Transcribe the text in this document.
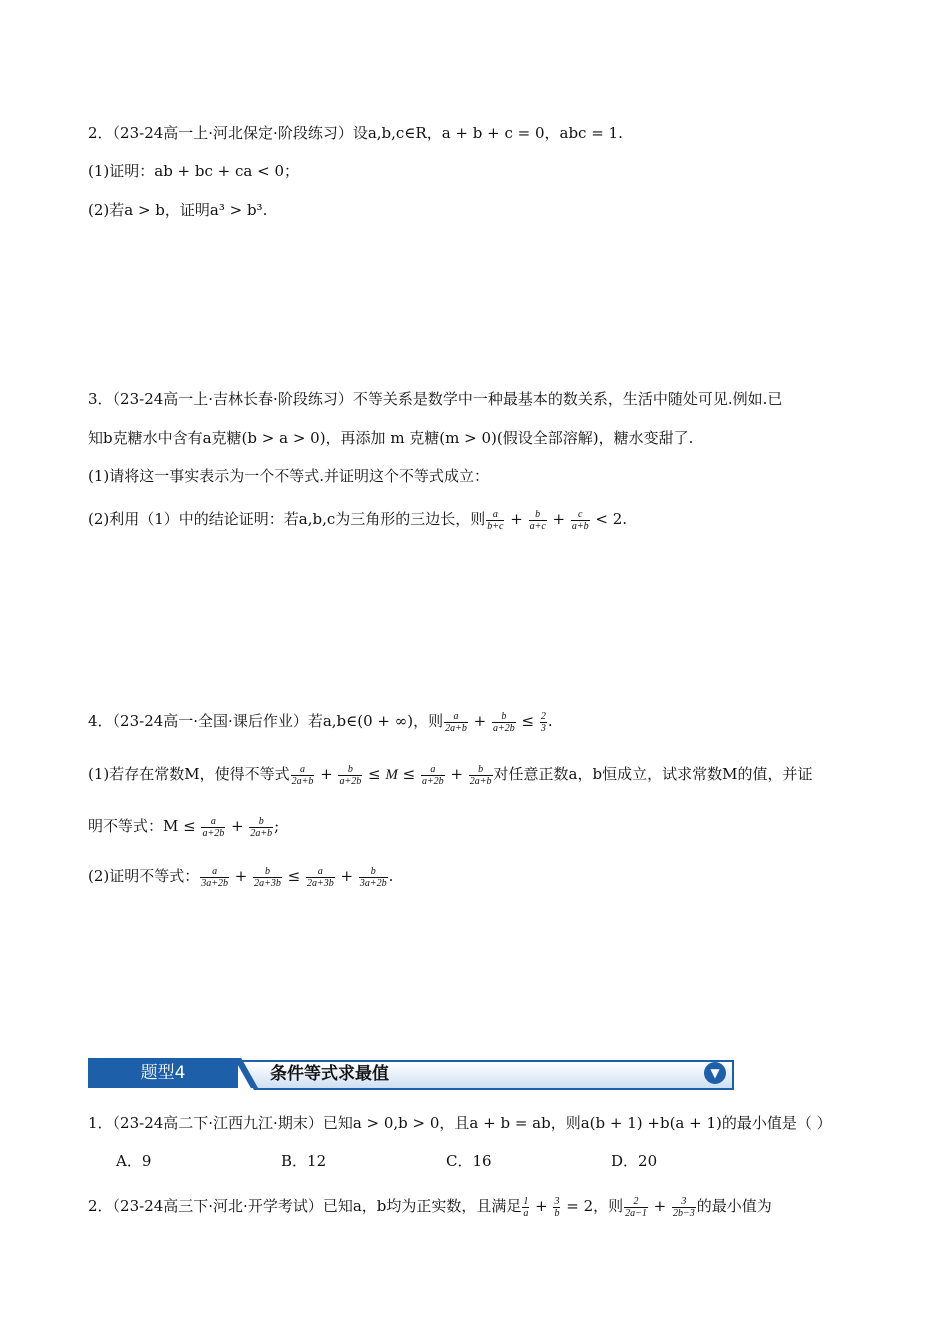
2．（23-24高一上·河北保定·阶段练习）设a,b,c∈R，a + b + c = 0，abc = 1.
(1)证明：ab + bc + ca < 0；
(2)若a > b，证明a³ > b³.
3．（23-24高一上·吉林长春·阶段练习）不等关系是数学中一种最基本的数关系，生活中随处可见.例如.已
知b克糖水中含有a克糖(b > a > 0)，再添加 m 克糖(m > 0)(假设全部溶解)，糖水变甜了.
(1)请将这一事实表示为一个不等式.并证明这个不等式成立：
(2)利用（1）中的结论证明：若a,b,c为三角形的三边长，则 $\frac{a}{b+c} + \frac{b}{a+c} + \frac{c}{a+b} < 2$.
4．（23-24高一·全国·课后作业）若a,b∈(0 + ∞)，则 $\frac{a}{2a+b} + \frac{b}{a+2b} \le \frac{2}{3}$ .
(1)若存在常数M，使得不等式 $\frac{a}{2a+b} + \frac{b}{a+2b} \le M \le \frac{a}{a+2b} + \frac{b}{2a+b}$ 对任意正数a，b恒成立，试求常数M的值，并证
明不等式：$M \le \frac{a}{a+2b} + \frac{b}{2a+b}$ ;
(2)证明不等式： $\frac{a}{3a+2b} + \frac{b}{2a+3b} \le \frac{a}{2a+3b} + \frac{b}{3a+2b}$ .
题型4	条件等式求最值	▼
1．（23-24高二下·江西九江·期末）已知a > 0,b > 0，且a + b = ab，则a(b + 1) +b(a + 1)的最小值是（ ）
A．9	B．12	C．16	D．20
2．（23-24高三下·河北·开学考试）已知a，b均为正实数，且满足 $\frac{1}{a} + \frac{3}{b} = 2$，则 $\frac{2}{2a-1} + \frac{3}{2b-3}$ 的最小值为
